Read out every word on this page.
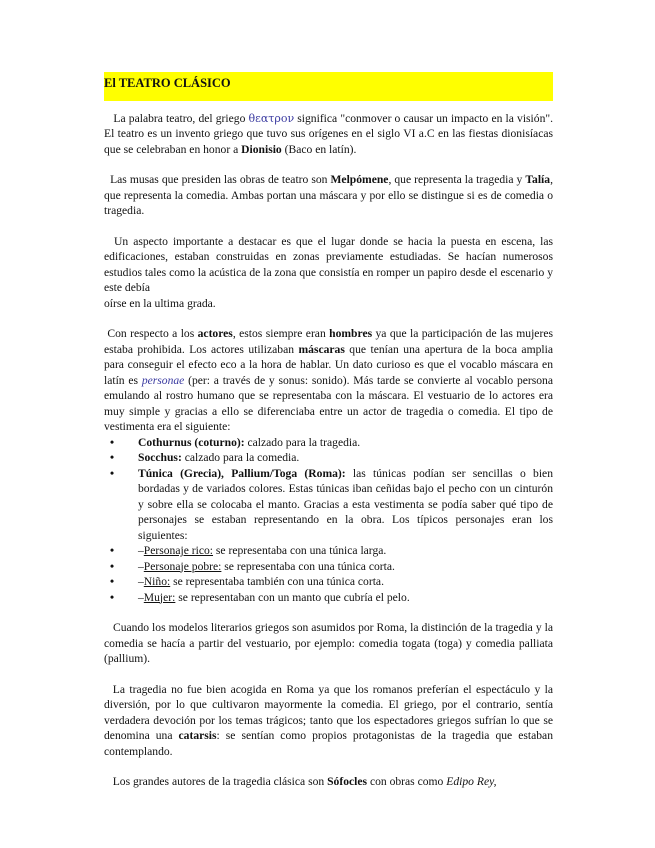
El TEATRO CLÁSICO

La palabra teatro, del griego θεατρον significa "conmover o causar un impacto en la visión". El teatro es un invento griego que tuvo sus orígenes en el siglo VI a.C en las fiestas dionisíacas que se celebraban en honor a Dionisio (Baco en latín).

Las musas que presiden las obras de teatro son Melpómene, que representa la tragedia y Talía, que representa la comedia. Ambas portan una máscara y por ello se distingue si es de comedia o tragedia.

Un aspecto importante a destacar es que el lugar donde se hacia la puesta en escena, las edificaciones, estaban construidas en zonas previamente estudiadas. Se hacían numerosos estudios tales como la acústica de la zona que consistía en romper un papiro desde el escenario y este debía

oírse en la ultima grada.

Con respecto a los actores, estos siempre eran hombres ya que la participación de las mujeres estaba prohibida. Los actores utilizaban máscaras que tenían una apertura de la boca amplia para conseguir el efecto eco a la hora de hablar. Un dato curioso es que el vocablo máscara en latín es personae (per: a través de y sonus: sonido). Más tarde se convierte al vocablo persona emulando al rostro humano que se representaba con la máscara. El vestuario de lo actores era muy simple y gracias a ello se diferenciaba entre un actor de tragedia o comedia. El tipo de vestimenta era el siguiente:

• Cothurnus (coturno): calzado para la tragedia.
• Socchus: calzado para la comedia.
• Túnica (Grecia), Pallium/Toga (Roma): las túnicas podían ser sencillas o bien bordadas y de variados colores. Estas túnicas iban ceñidas bajo el pecho con un cinturón y sobre ella se colocaba el manto. Gracias a esta vestimenta se podía saber qué tipo de personajes se estaban representando en la obra. Los típicos personajes eran los siguientes:
• –Personaje rico: se representaba con una túnica larga.
• –Personaje pobre: se representaba con una túnica corta.
• –Niño: se representaba también con una túnica corta.
• –Mujer: se representaban con un manto que cubría el pelo.

Cuando los modelos literarios griegos son asumidos por Roma, la distinción de la tragedia y la comedia se hacía a partir del vestuario, por ejemplo: comedia togata (toga) y comedia palliata (pallium).

La tragedia no fue bien acogida en Roma ya que los romanos preferían el espectáculo y la diversión, por lo que cultivaron mayormente la comedia. El griego, por el contrario, sentía verdadera devoción por los temas trágicos; tanto que los espectadores griegos sufrían lo que se denomina una catarsis: se sentían como propios protagonistas de la tragedia que estaban contemplando.

Los grandes autores de la tragedia clásica son Sófocles con obras como Edipo Rey,
